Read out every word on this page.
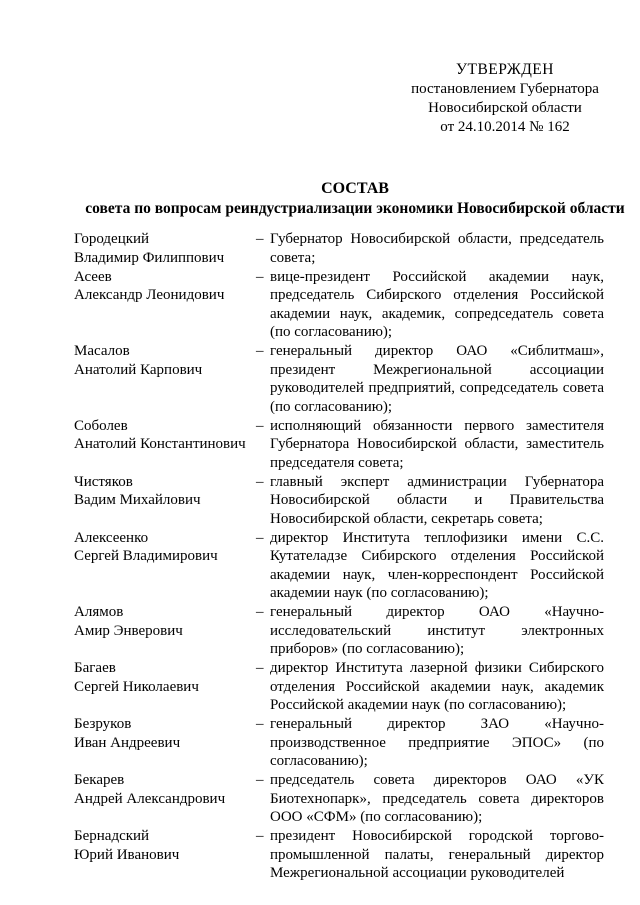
УТВЕРЖДЕН
постановлением Губернатора
Новосибирской области
от 24.10.2014 № 162
СОСТАВ
совета по вопросам реиндустриализации экономики Новосибирской области
Городецкий
Владимир Филиппович
– Губернатор Новосибирской области, председатель совета;
Асеев
Александр Леонидович
– вице-президент Российской академии наук, председатель Сибирского отделения Российской академии наук, академик, сопредседатель совета (по согласованию);
Масалов
Анатолий Карпович
– генеральный директор ОАО «Сиблитмаш», президент Межрегиональной ассоциации руководителей предприятий, сопредседатель совета (по согласованию);
Соболев
Анатолий Константинович
– исполняющий обязанности первого заместителя Губернатора Новосибирской области, заместитель председателя совета;
Чистяков
Вадим Михайлович
– главный эксперт администрации Губернатора Новосибирской области и Правительства Новосибирской области, секретарь совета;
Алексеенко
Сергей Владимирович
– директор Института теплофизики имени С.С. Кутателадзе Сибирского отделения Российской академии наук, член-корреспондент Российской академии наук (по согласованию);
Алямов
Амир Энверович
– генеральный директор ОАО «Научно-исследовательский институт электронных приборов» (по согласованию);
Багаев
Сергей Николаевич
– директор Института лазерной физики Сибирского отделения Российской академии наук, академик Российской академии наук (по согласованию);
Безруков
Иван Андреевич
– генеральный директор ЗАО «Научно-производственное предприятие ЭПОС» (по согласованию);
Бекарев
Андрей Александрович
– председатель совета директоров ОАО «УК Биотехнопарк», председатель совета директоров ООО «СФМ» (по согласованию);
Бернадский
Юрий Иванович
– президент Новосибирской городской торгово-промышленной палаты, генеральный директор Межрегиональной ассоциации руководителей
